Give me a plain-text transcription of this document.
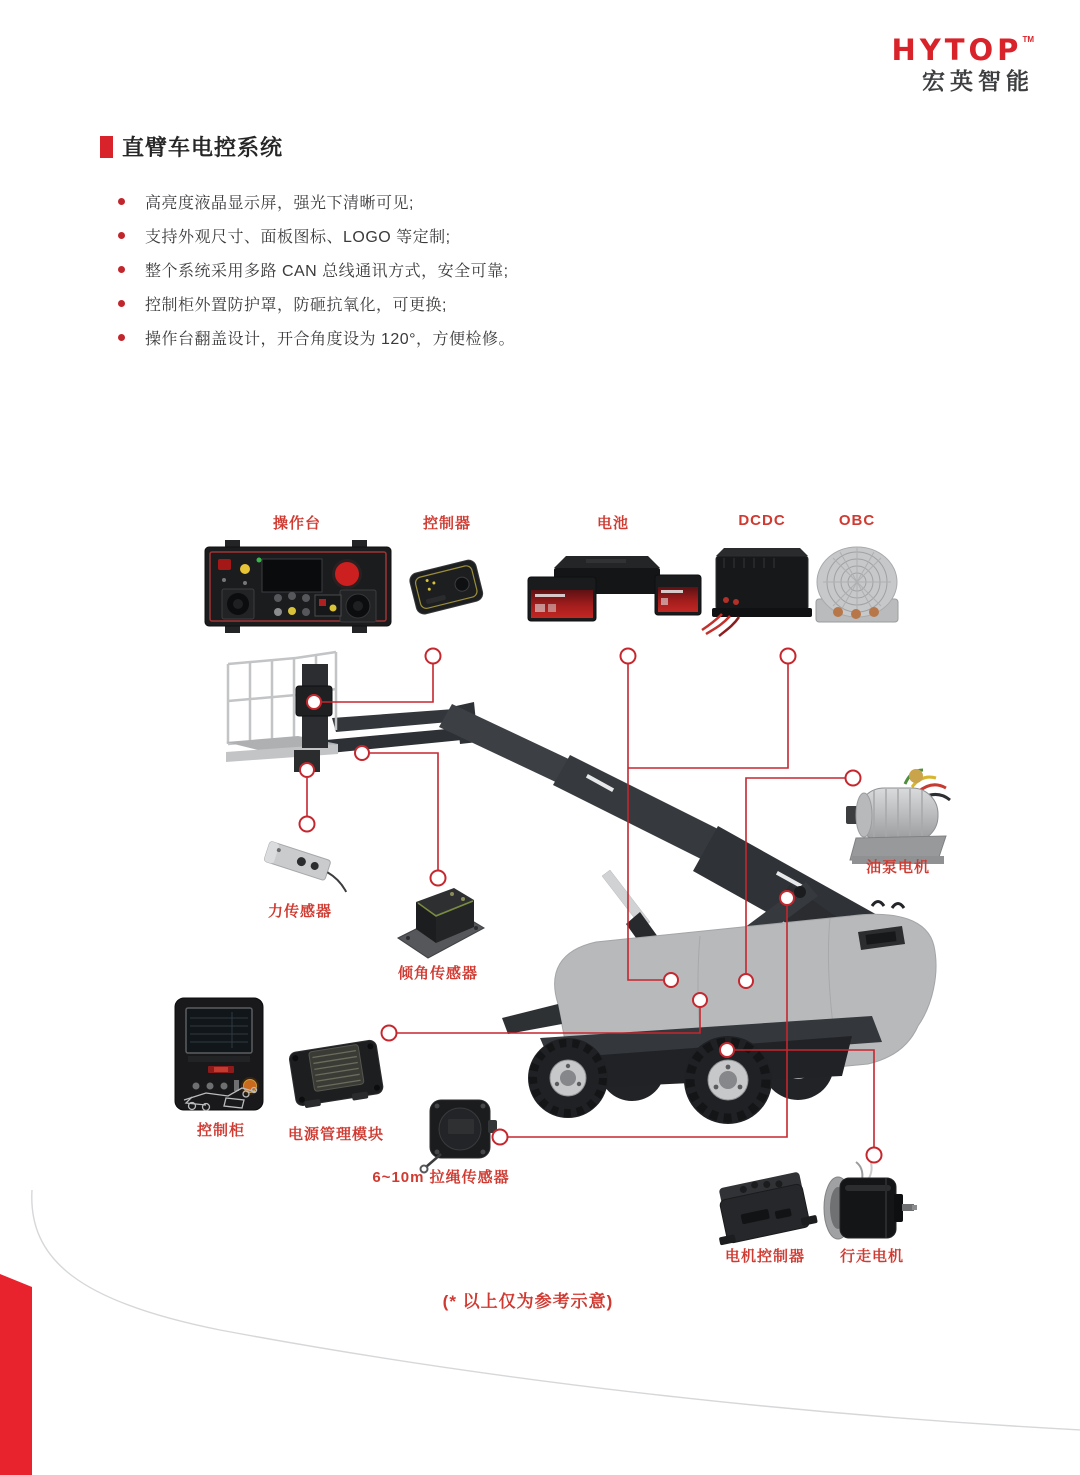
HYTOP™
宏英智能
直臂车电控系统
高亮度液晶显示屏，强光下清晰可见;
支持外观尺寸、面板图标、LOGO 等定制;
整个系统采用多路 CAN 总线通讯方式，安全可靠;
控制柜外置防护罩，防砸抗氧化，可更换;
操作台翻盖设计，开合角度设为 120°，方便检修。
操作台	控制器	电池	DCDC	OBC
力传感器
倾角传感器
油泵电机
控制柜	电源管理模块
6~10m 拉绳传感器
电机控制器	行走电机
(* 以上仅为参考示意)
